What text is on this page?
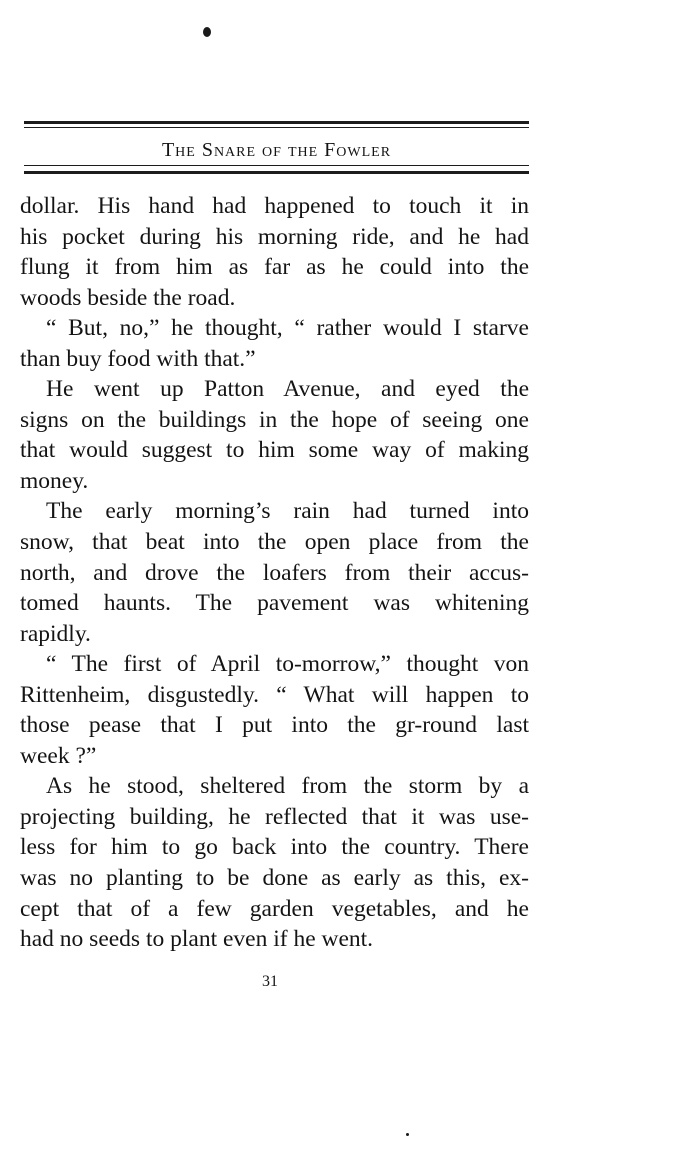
The Snare of the Fowler
dollar. His hand had happened to touch it in
his pocket during his morning ride, and he had
flung it from him as far as he could into the
woods beside the road.
“ But, no,” he thought, “ rather would I starve
than buy food with that.”
He went up Patton Avenue, and eyed the
signs on the buildings in the hope of seeing one
that would suggest to him some way of making
money.
The early morning’s rain had turned into
snow, that beat into the open place from the
north, and drove the loafers from their accus-
tomed haunts. The pavement was whitening
rapidly.
“ The first of April to-morrow,” thought von
Rittenheim, disgustedly. “ What will happen to
those pease that I put into the gr-round last
week ?”
As he stood, sheltered from the storm by a
projecting building, he reflected that it was use-
less for him to go back into the country. There
was no planting to be done as early as this, ex-
cept that of a few garden vegetables, and he
had no seeds to plant even if he went.
31
